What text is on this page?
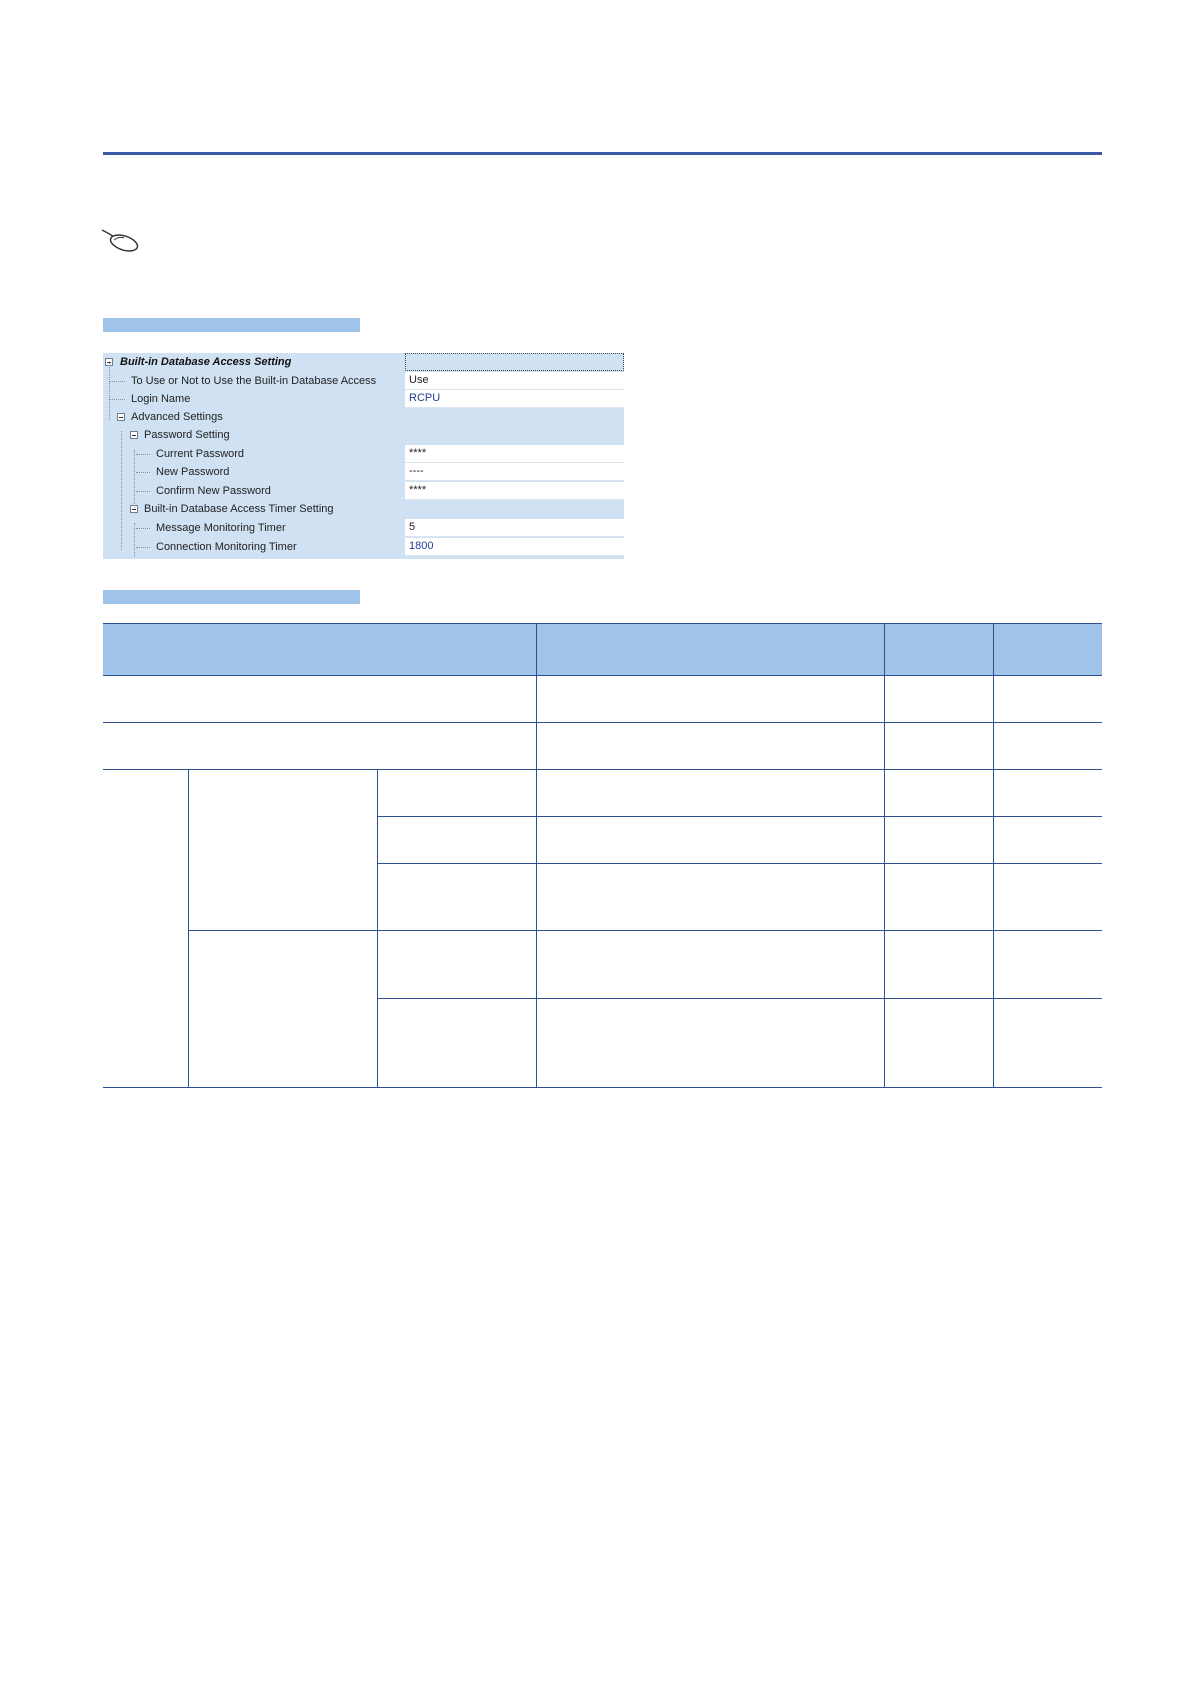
Built-in Database Access Setting
To Use or Not to Use the Built-in Database Access	Use
Login Name	RCPU
Advanced Settings
Password Setting
Current Password	****
New Password	----
Confirm New Password	****
Built-in Database Access Timer Setting
Message Monitoring Timer	5
Connection Monitoring Timer	1800
